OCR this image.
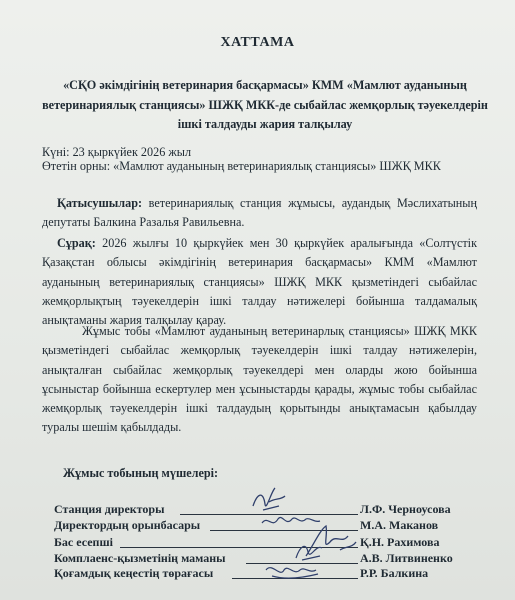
ХАТТАМА
«СҚО әкімдігінің ветеринария басқармасы» КММ «Мамлют ауданының ветеринариялық станциясы» ШЖҚ МКК-де сыбайлас жемқорлық тәуекелдерін ішкі талдауды жария талқылау
Күні: 23 қыркүйек 2026 жыл
Өтетін орны: «Мамлют ауданының ветеринариялық станциясы» ШЖҚ МКК

Қатысушылар: ветеринариялық станция жұмысы, аудандық Мәслихатының депутаты Балкина Разалья Равильевна.

Сұрақ: 2026 жылғы 10 қыркүйек мен 30 қыркүйек аралығында «Солтүстік Қазақстан облысы әкімдігінің ветеринария басқармасы» КММ «Мамлют ауданының ветеринариялық станциясы» ШЖҚ МКК қызметіндегі сыбайлас жемқорлықтың тәуекелдерін ішкі талдау нәтижелері бойынша талдамалық анықтаманы жария талқылау қарау.

Жұмыс тобы «Мамлют ауданының ветеринарлық станциясы» ШЖҚ МКК қызметіндегі сыбайлас жемқорлық тәуекелдерін ішкі талдау нәтижелерін, анықталған сыбайлас жемқорлық тәуекелдері мен оларды жою бойынша ұсыныстар бойынша ескертулер мен ұсыныстарды қарады, жұмыс тобы сыбайлас жемқорлық тәуекелдерін ішкі талдаудың қорытынды анықтамасын қабылдау туралы шешім қабылдады.

Жұмыс тобының мүшелері:
Станция директоры	Л.Ф. Черноусова
Директордың орынбасары	М.А. Маканов
Бас есепші	Қ.Н. Рахимова
Комплаенс-қызметінің маманы	А.В. Литвиненко
Қоғамдық кеңестің төрағасы	Р.Р. Балкина
